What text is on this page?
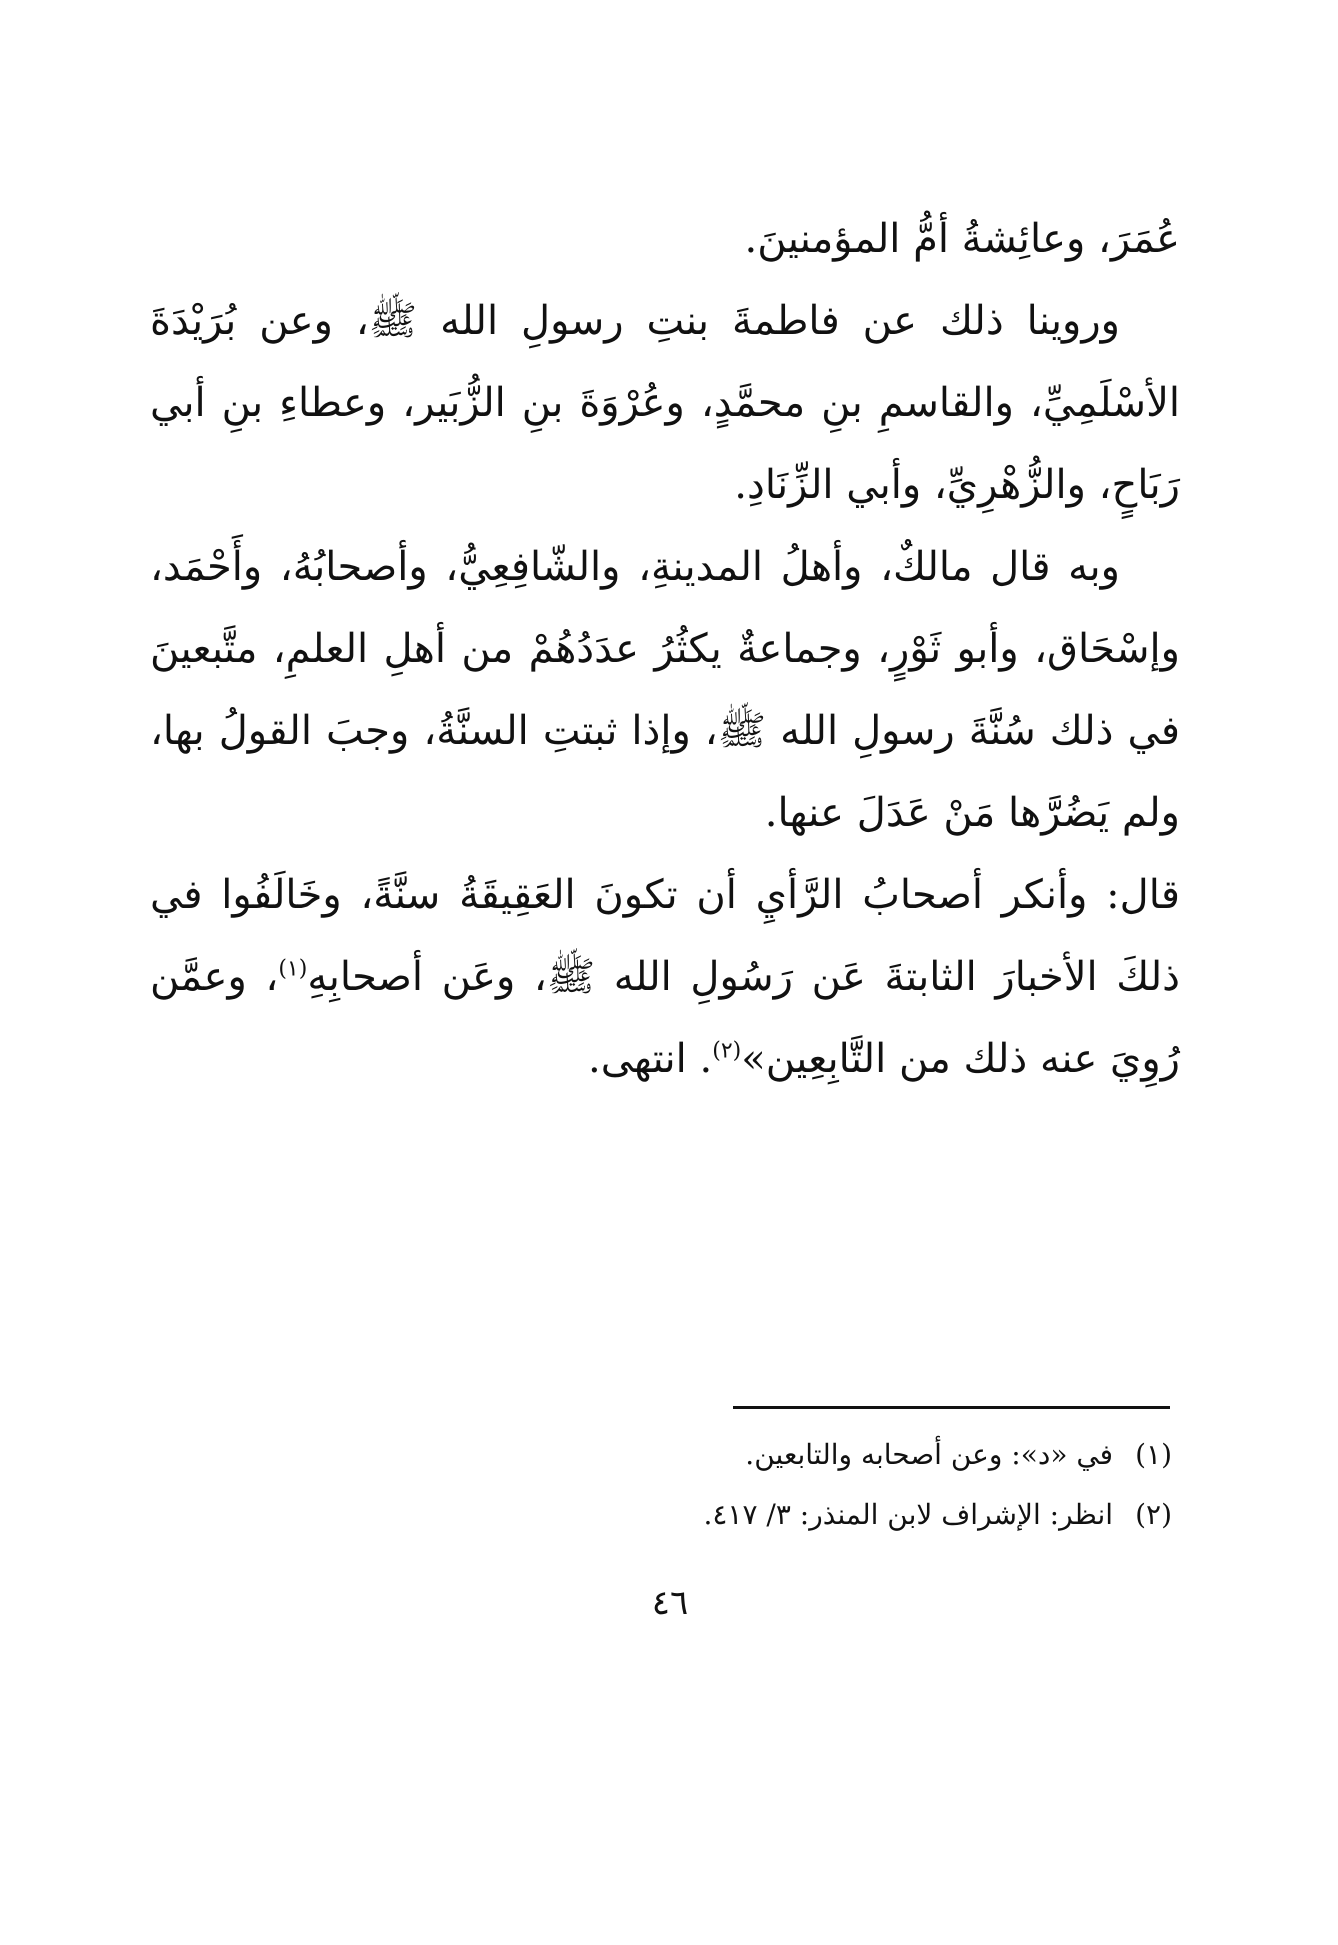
عُمَرَ، وعائِشةُ أمُّ المؤمنينَ.

وروينا ذلك عن فاطمةَ بنتِ رسولِ الله ﷺ، وعن بُرَيْدَةَ الأسْلَمِيِّ، والقاسمِ بنِ محمَّدٍ، وعُرْوَةَ بنِ الزُّبَير، وعطاءِ بنِ أبي رَبَاحٍ، والزُّهْرِيِّ، وأبي الزِّنَادِ.

وبه قال مالكٌ، وأهلُ المدينةِ، والشّافِعِيُّ، وأصحابُهُ، وأَحْمَد، وإسْحَاق، وأبو ثَوْرٍ، وجماعةٌ يكثُرُ عدَدُهُمْ من أهلِ العلمِ، متَّبعينَ في ذلك سُنَّةَ رسولِ الله ﷺ، وإذا ثبتتِ السنَّةُ، وجبَ القولُ بها، ولم يَضُرَّها مَنْ عَدَلَ عنها.

قال: وأنكر أصحابُ الرَّأيِ أن تكونَ العَقِيقَةُ سنَّةً، وخَالَفُوا في ذلكَ الأخبارَ الثابتةَ عَن رَسُولِ الله ﷺ، وعَن أصحابِهِ$^{(١)}$، وعمَّن رُوِيَ عنه ذلك من التَّابِعِين»$^{(٢)}$. انتهى.

(١)في «د»: وعن أصحابه والتابعين.
(٢)انظر: الإشراف لابن المنذر: ٣/ ٤١٧.
٤٦
